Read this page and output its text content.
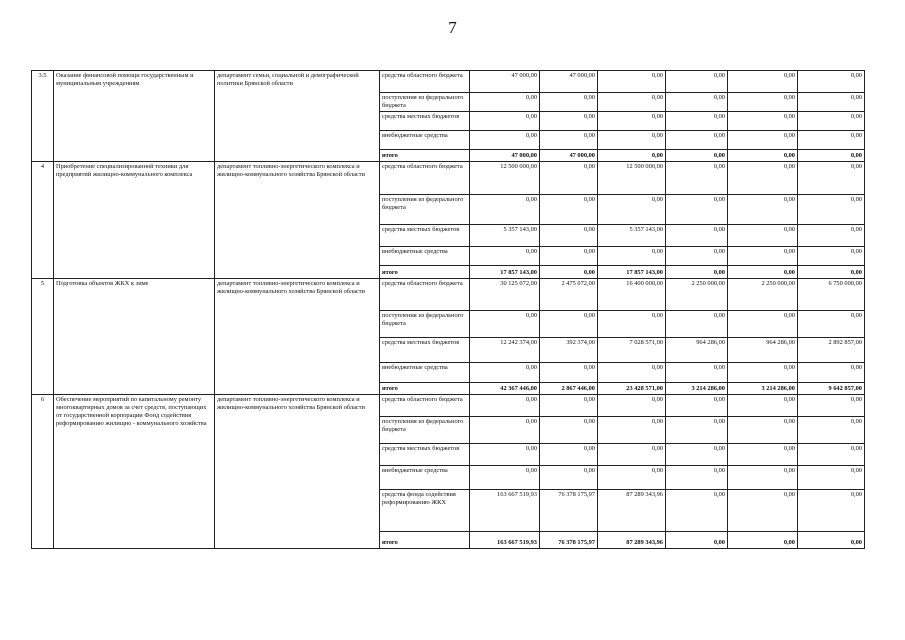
7
3.5	Оказание финансовой помощи государственным и муниципальным учреждениям	департамент семьи, социальной и демографической политики Брянской области	средства областного бюджета	47 000,00	47 000,00	0,00	0,00	0,00	0,00
			поступления из федерального бюджета	0,00	0,00	0,00	0,00	0,00	0,00
			средства местных бюджетов	0,00	0,00	0,00	0,00	0,00	0,00
			внебюджетные средства	0,00	0,00	0,00	0,00	0,00	0,00
			итого	47 000,00	47 000,00	0,00	0,00	0,00	0,00
4	Приобретение специализированной техники для предприятий жилищно-коммунального комплекса	департамент топливно-энергетического комплекса и жилищно-коммунального хозяйства Брянской области	средства областного бюджета	12 500 000,00	0,00	12 500 000,00	0,00	0,00	0,00
			поступления из федерального бюджета	0,00	0,00	0,00	0,00	0,00	0,00
			средства местных бюджетов	5 357 143,00	0,00	5 357 143,00	0,00	0,00	0,00
			внебюджетные средства	0,00	0,00	0,00	0,00	0,00	0,00
			итого	17 857 143,00	0,00	17 857 143,00	0,00	0,00	0,00
5	Подготовка объектов ЖКХ к зиме	департамент топливно-энергетического комплекса и жилищно-коммунального хозяйства Брянской области	средства областного бюджета	30 125 072,00	2 475 072,00	16 400 000,00	2 250 000,00	2 250 000,00	6 750 000,00
			поступления из федерального бюджета	0,00	0,00	0,00	0,00	0,00	0,00
			средства местных бюджетов	12 242 374,00	392 374,00	7 028 571,00	964 286,00	964 286,00	2 892 857,00
			внебюджетные средства	0,00	0,00	0,00	0,00	0,00	0,00
			итого	42 367 446,00	2 867 446,00	23 428 571,00	3 214 286,00	3 214 286,00	9 642 857,00
6	Обеспечение мероприятий по капитальному ремонту многоквартирных домов за счет средств, поступающих от государственной корпорации Фонд содействия реформированию жилищно - коммунального хозяйства	департамент топливно-энергетического комплекса и жилищно-коммунального хозяйства Брянской области	средства областного бюджета	0,00	0,00	0,00	0,00	0,00	0,00
			поступления из федерального бюджета	0,00	0,00	0,00	0,00	0,00	0,00
			средства местных бюджетов	0,00	0,00	0,00	0,00	0,00	0,00
			внебюджетные средства	0,00	0,00	0,00	0,00	0,00	0,00
			средства фонда содействия реформированию ЖКХ	163 667 519,93	76 378 175,97	87 289 343,96	0,00	0,00	0,00
			итого	163 667 519,93	76 378 175,97	87 289 343,96	0,00	0,00	0,00
